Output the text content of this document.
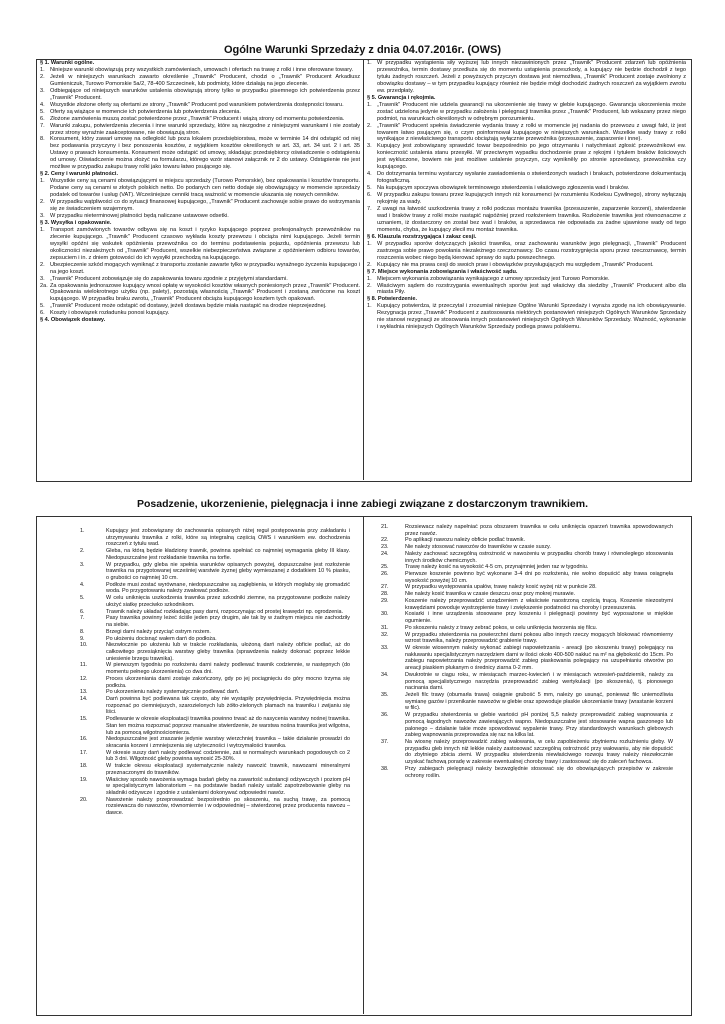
Ogólne Warunki Sprzedaży z dnia 04.07.2016r. (OWS)

§ 1. Warunki ogólne.

1. Niniejsze warunki obowiązują przy wszystkich zamówieniach, umowach i ofertach na trawę z rolki i inne oferowane towary.

2. Jeżeli w niniejszych warunkach zawarto określenie „Trawnik" Producent, chodzi o „Trawnik" Producent Arkadiusz Gumieniczuk, Turowo Pomorskie 5a/2, 78-400 Szczecinek, lub podmioty, które działają na jego zlecenie.

3. Odbiegające od niniejszych warunków ustalenia obowiązują strony tylko w przypadku pisemnego ich potwierdzenia przez „Trawnik" Producent.

4. Wszystkie złożone oferty są ofertami ze strony „Trawnik" Producent pod warunkiem potwierdzenia dostępności towaru.

5. Oferty są wiążące w momencie ich potwierdzenia lub potwierdzenia zlecenia.

6. Złożone zamówienia muszą zostać potwierdzone przez „Trawnik" Producent i wiążą strony od momentu potwierdzenia.

7. Warunki zakupu, potwierdzenia zlecenia i inne warunki sprzedaży, które są niezgodne z niniejszymi warunkami i nie zostały przez strony wyraźnie zaakceptowane, nie obowiązują stron.

8. Konsument, który zawarł umowę na odległość lub poza lokalem przedsiębiorstwa, może w terminie 14 dni odstąpić od niej bez podawania przyczyny i bez ponoszenia kosztów, z wyjątkiem kosztów określonych w art. 33, art. 34 ust. 2 i art. 35 Ustawy o prawach konsumenta. Konsument może odstąpić od umowy, składając przedsiębiorcy oświadczenie o odstąpieniu od umowy. Oświadczenie można złożyć na formularzu, którego wzór stanowi załącznik nr 2 do ustawy. Odstąpienie nie jest możliwe w przypadku zakupu trawy rolki jako towaru łatwo psującego się.

§ 2. Ceny i warunki płatności.

1. Wszystkie ceny są cenami obowiązującymi w miejscu sprzedaży (Turowo Pomorskie), bez opakowania i kosztów transportu. Podane ceny są cenami w złotych polskich netto. Do podanych cen netto dodaje się obowiązujący w momencie sprzedaży podatek od towarów i usług (VAT). Wcześniejsze cenniki tracą ważność w momencie ukazania się nowych cenników.

2. W przypadku wątpliwości co do sytuacji finansowej kupującego, „Trawnik" Producent zachowuje sobie prawo do wstrzymania się ze świadczeniem wzajemnym.

3. W przypadku nieterminowej płatności będą naliczane ustawowe odsetki.

§ 3. Wysyłka i opakowanie.

1. Transport zamówionych towarów odbywa się na koszt i ryzyko kupującego poprzez profesjonalnych przewoźników na zlecenie kupującego. „Trawnik" Producent czasowo wykłada koszty przewozu i obciąża nimi kupującego. Jeżeli termin wysyłki opóźni się wskutek opóźnienia przewoźnika co do terminu podstawienia pojazdu, opóźnienia przewozu lub okoliczności niezależnych od „Trawnik" Producent, wszelkie niebezpieczeństwa związane z opóźnieniem odbioru towarów, zepsuciem i in. z dniem gotowości do ich wysyłki przechodzą na kupującego.

2. Ubezpieczenie szkód mogących wyniknąć z transportu zostanie zawarte tylko w przypadku wyraźnego życzenia kupującego i na jego koszt.

3. „Trawnik" Producent zobowiązuje się do zapakowania towaru zgodnie z przyjętymi standardami.

2a. Za opakowania jednorazowe kupujący wnosi opłatę w wysokości kosztów własnych poniesionych przez „Trawnik" Producent. Opakowania wielokrotnego użytku (np. palety), pozostają własnością „Trawnik" Producent i zostaną zwrócone na koszt kupującego. W przypadku braku zwrotu, „Trawnik" Producent obciąża kupującego kosztem tych opakowań.

5. „Trawnik" Producent może odstąpić od dostawy, jeżeli dostawa będzie miała nastąpić na drodze nieprzejezdnej.

6. Koszty i obowiązek rozładunku ponosi kupujący.

§ 4. Obowiązek dostawy.

1. W przypadku wystąpienia siły wyższej lub innych niezawinionych przez „Trawnik" Producent zdarzeń lub opóźnienia przewoźnika, termin dostawy przedłuża się do momentu ustąpienia przeszkody, a kupujący nie będzie dochodził z tego tytułu żadnych roszczeń. Jeżeli z powyższych przyczyn dostawa jest niemożliwa, „Trawnik" Producent zostaje zwolniony z obowiązku dostawy – w tym przypadku kupujący również nie będzie mógł dochodzić żadnych roszczeń za wyjątkiem zwrotu ew. przedpłaty.

§ 5. Gwarancja i rękojmia.

1. „Trawnik" Producent nie udziela gwarancji na ukorzenienie się trawy w glebie kupującego. Gwarancja ukorzenienia może zostać udzielona jedynie w przypadku założenia i pielęgnacji trawnika przez „Trawnik" Producent, lub wskazany przez niego podmiot, na warunkach określonych w odrębnym porozumieniu.

2. „Trawnik" Producent spełnia świadczenie wydania trawy z rolki w momencie jej nadania do przewozu z uwagi fakt, iż jest towarem łatwo psującym się, o czym poinformował kupującego w niniejszych warunkach. Wszelkie wady trawy z rolki wynikające z niewłaściwego transportu obciążają wyłącznie przewoźnika (przesuszenie, zaparzenie i inne).

3. Kupujący jest zobowiązany sprawdzić towar bezpośrednio po jego otrzymaniu i natychmiast zgłosić przewoźnikowi ew. konieczność ustalenia stanu przesyłki. W przeciwnym wypadku dochodzenie praw z rękojmi i tytułem braków ilościowych jest wykluczone, bowiem nie jest możliwe ustalenie przyczyn, czy wynikněly po stronie sprzedawcy, przewoźnika czy kupującego.

4. Do dotrzymania terminu wystarczy wysłanie zawiadomienia o stwierdzonych wadach i brakach, potwierdzone dokumentacją fotograficzną.

5. Na kupującym spoczywa obowiązek terminowego stwierdzenia i właściwego zgłoszenia wad i braków.

6. W przypadku zakupu towaru przez kupujących innych niż konsumenci (w rozumieniu Kodeksu Cywilnego), strony wyłączają rękojmię za wady.

7. Z uwagi na łatwość uszkodzenia trawy z rolki podczas montażu trawnika (przesuszenie, zaparzenie korzeni), stwierdzenie wad i braków trawy z rolki może nastąpić najpóźniej przed rozłożeniem trawnika. Rozłożenie trawnika jest równoznaczne z uznaniem, iż dostarczony on został bez wad i braków, a sprzedawca nie odpowiada za żadne ujawnione wady od tego momentu, chyba, że kupujący złecił mu montaż trawnika.

§ 6. Klauzula rozstrzygająca i zakaz cesji.

1. W przypadku sporów dotyczących jakości trawnika, oraz zachowaniu warunków jego pielęgnacji, „Trawnik" Producent zastrzega sobie prawo powołania niezależnego rzeczoznawcy. Do czasu rozstrzygnięcia sporu przez rzeczoznawcę, termin roszczenia wobec niego będą kierować sprawy do sądu powszechnego.

2. Kupujący nie ma prawa cesji do swoich praw i obowiązków przysługujących mu względem „Trawnik" Producent.

§ 7. Miejsce wykonania zobowiązania i właściwość sądu.

1. Miejscem wykonania zobowiązania wynikającego z umowy sprzedaży jest Turowo Pomorskie.

2. Właściwym sądem do rozstrzygania ewentualnych sporów jest sąd właściwy dla siedziby „Trawnik" Producent albo dla miasta Piły.

§ 8. Potwierdzenie.

1. Kupujący potwierdza, iż przeczytał i zrozumiał niniejsze Ogólne Warunki Sprzedaży i wyraża zgodę na ich obowiązywanie. Rezygnacja przez „Trawnik" Producent z zastosowania niektórych postanowień niniejszych Ogólnych Warunków Sprzedaży nie stanowi rezygnacji ze stosowania innych postanowień niniejszych Ogólnych Warunków Sprzedaży. Ważność, wykonanie i wykładnia niniejszych Ogólnych Warunków Sprzedaży podlega prawu polskiemu.

Posadzenie, ukorzenienie, pielęgnacja i inne zabiegi związane z dostarczonym trawnikiem.

1.	Kupujący jest zobowiązany do zachowania opisanych niżej reguł postępowania przy zakładaniu i utrzymywaniu trawnika z rolki, które są integralną częścią OWS i warunkiem ew. dochodzenia roszczeń z tytułu wad.

2.	Gleba, na którą będzie kładziony trawnik, powinna spełniać co najmniej wymagania gleby III klasy. Niedopuszczalne jest rozkładanie trawnika na torfie.

3.	W przypadku, gdy gleba nie spełnia warunków opisanych powyżej, dopuszczalne jest rozłożenie trawnika na przygotowanej wcześniej warstwie żyznej gleby wymieszanej z dodatkiem 10 % piasku, o grubości co najmniej 10 cm.

4.	Podłoże musi zostać wyrównane, niedopuszczalne są zagłębienia, w których mogłaby się gromadzić woda. Po przygotowaniu należy zwałować podłoże.

5.	W celu uniknięcia uszkodzenia trawnika przez szkodniki ziemne, na przygotowane podłoże należy ułożyć siatkę przeciwko szkodnikom.

6.	Trawnik należy układać rozkładając pasy darni, rozpoczynając od prostej krawędzi np. ogrodzenia.

7.	Pasy trawnika powinny leżeć ściśle jeden przy drugim, ale tak by w żadnym miejscu nie zachodziły na siebie.

8.	Brzegi darni należy przyciąć ostrym nożem.

9.	Po ułożeniu docisnąć wałem darń do podłoża.

10.	Niezwłocznie po ułożeniu lub w trakcie rozkładania, ułożoną darń należy obficie podlać, aż do całkowitego przesiąknięcia warstwy gleby trawnika (sprawdzenia należy dokonać poprzez lekkie uniesienie brzegu trawnika).

11.	W pierwszym tygodniu po rozłożeniu darni należy podlewać trawnik codziennie, w następnych (do momentu pełnego ukorzenienia) co dwa dni.

12.	Proces ukorzeniania darni zostaje zakończony, gdy po jej pociągnięciu do góry mocno trzyma się podłoża.

13.	Po ukorzenieniu należy systematycznie podlewać darń.

14.	Darń powinna być podlewana tak często, aby nie wystąpiły przywiędnięcia. Przywiędnięcia można rozpoznać po ciemniejszych, szarozielonych lub żółto-zielonych plamach na trawniku i zwijaniu się liści.

15.	Podlewanie w okresie eksploatacji trawnika powinno trwać aż do nasycenia warstwy nośnej trawnika. Stan ten można rozpoznać poprzez manualne stwierdzenie, że warstwa nośna trawnika jest wilgotna, lub za pomocą wilgotnościomierza.

16.	Niedopuszczalne jest zraszanie jedynie warstwy wierzchniej trawnika – takie działanie prowadzi do skracania korzeni i zmniejszenia się użyteczności i wytrzymałości trawnika.

17.	W okresie suszy darń należy podlewać codziennie, zaś w normalnych warunkach pogodowych co 2 lub 3 dni. Wilgotność gleby powinna wynosić 25-30%.

18.	W trakcie okresu eksploatacji systematycznie należy nawozić trawnik, nawozami mineralnymi przeznaczonymi do trawników.

19.	Właściwy sposób nawożenia wymaga badań gleby na zawartość substancji odżywczych i poziom pH w specjalistycznym laboratorium – na podstawie badań należy ustalić zapotrzebowanie gleby na składniki odżywcze i zgodnie z ustaleniami dokonywać odpowiedni nawóz.

20.	Nawożenie należy przeprowadzać bezpośrednio po skoszeniu, na suchą trawę, za pomocą rozsiewacza do nawozów, równomiernie i w odpowiedniej – stwierdzonej przez producenta nawozu – dawce.

21.	Rozsiewacz należy napełniać poza obszarem trawnika w celu uniknięcia oparzeń trawnika spowodowanych przez nawóz.

22.	Po aplikacji nawozu należy obficie podlać trawnik.

23.	Nie należy stosować nawozów do trawników w czasie suszy.

24.	Należy zachować szczególną ostrożność w nawożeniu w przypadku chorób trawy i równoległego stosowania innych środków chemicznych.

25.	Trawę należy kosić na wysokość 4-5 cm, przynajmniej jeden raz w tygodniu.

26.	Pierwsze koszenie powinno być wykonane 3-4 dni po rozłożeniu, nie wolno dopuścić aby trawa osiągnęła wysokość powyżej 10 cm.

27.	W przypadku występowania upałów, trawę należy kosić wyżej niż w punkcie 28.

28.	Nie należy kosić trawnika w czasie deszczu oraz przy mokrej murawie.

29.	Koszenie należy przeprowadzić urządzeniem z właściwie naostrzoną częścią tnącą. Koszenie niezostrymi krawędziami powoduje wystrzępienie trawy i zwiększenie podatności na choroby i przesuszenia.

30.	Kosiarki i inne urządzenia stosowane przy koszeniu i pielęgnacji powinny być wyposażone w miękkie ogumienie.

31.	Po skoszeniu należy z trawy zebrać pokos, w celu uniknięcia tworzenia się filcu.

32.	W przypadku stwierdzenia na powierzchni darni pokosu albo innych rzeczy mogących blokować równomierny wzrost trawnika, należy przeprowadzić grabienie trawy.

33.	W okresie wiosennym należy wykonać zabiegi napowietrzania - areacji (po skoszeniu trawy) polegający na nakłuwaniu specjalistycznym narzędziem darni w ilości około 400-500 nakłuć na m² na głębokość do 15cm. Po zabiegu napowietrzania należy przeprowadzić zabieg piaskowania polegający na uzupełnianiu otworów po areacji piaskiem płukanym o średnicy ziarna 0-2 mm.

34.	Dwukrotnie w ciągu roku, w miesiącach marzec-kwiecień i w miesiącach wrzesień-październik, należy za pomocą specjalistycznego narzędzia przeprowadzić zabieg wertykulacji (po skoszeniu), tj. pionowego nacinania darni.

35.	Jeżeli filc trawy (obumarła trawa) osiągnie grubość 5 mm, należy go usunąć, ponieważ filc uniemożliwia wymianę gazów i przenikanie nawozów w glebie oraz spowoduje płaskie ukorzenianie trawy (wrastanie korzeni w filc).

36.	W przypadku stwierdzenia w glebie wartości pH poniżej 5,5 należy przeprowadzić zabieg wapnowania z pomocą łagodnych nawozów zawierających wapno. Niedopuszczalne jest stosowanie wapna gaszonego lub palonego – działanie takie może spowodować wypalenie trawy. Przy standardowych warunkach glebowych zabieg wapnowania przeprowadza się raz na kilka lat.

37.	Na wiosnę należy przeprowadzić zabieg wałowania, w celu zapobieżeniu zbytniemu rozluźnieniu gleby. W przypadku gleb innych niż lekkie należy zastosować szczególną ostrożność przy wałowaniu, aby nie dopuścić do zbytniego zbicia ziemi. W przypadku stwierdzenia niewłaściwego rozwoju trawy należy niezwłocznie uzyskać fachową poradę w zakresie ewentualnej choroby trawy i zastosować się do zaleceń fachowca.

38.	Przy zabiegach pielęgnacji należy bezwzględnie stosować się do obowiązujących przepisów w zakresie ochrony roślin.
